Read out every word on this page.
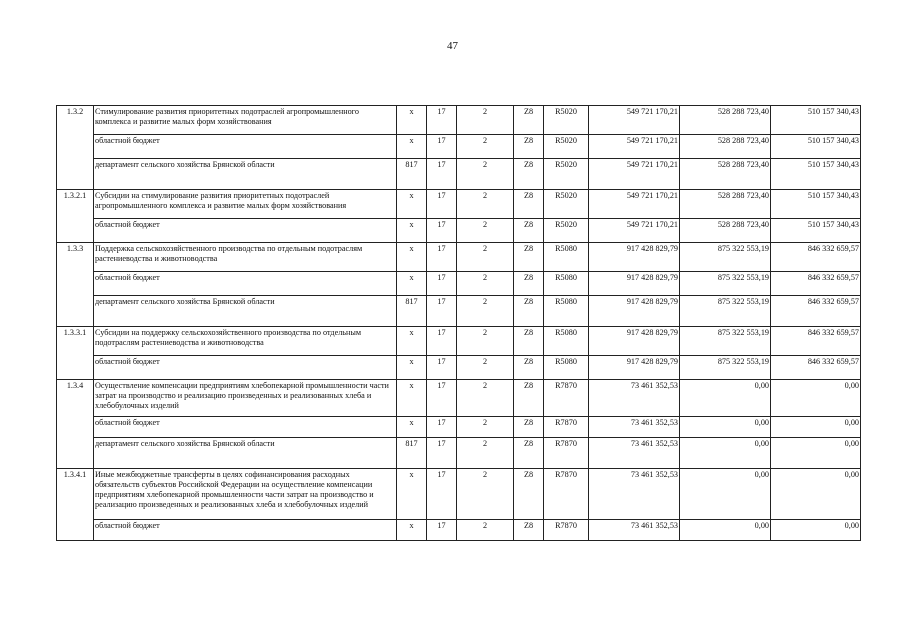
47
1.3.2	Стимулирование развития приоритетных подотраслей агропромышленного комплекса и развитие малых форм хозяйствования	х	17	2	Z8	R5020	549 721 170,21	528 288 723,40	510 157 340,43
	областной бюджет	х	17	2	Z8	R5020	549 721 170,21	528 288 723,40	510 157 340,43
	департамент сельского хозяйства Брянской области	817	17	2	Z8	R5020	549 721 170,21	528 288 723,40	510 157 340,43
1.3.2.1	Субсидии на стимулирование развития приоритетных подотраслей агропромышленного комплекса и развитие малых форм хозяйствования	х	17	2	Z8	R5020	549 721 170,21	528 288 723,40	510 157 340,43
	областной бюджет	х	17	2	Z8	R5020	549 721 170,21	528 288 723,40	510 157 340,43
1.3.3	Поддержка сельскохозяйственного производства по отдельным подотраслям растениеводства и животноводства	х	17	2	Z8	R5080	917 428 829,79	875 322 553,19	846 332 659,57
	областной бюджет	х	17	2	Z8	R5080	917 428 829,79	875 322 553,19	846 332 659,57
	департамент сельского хозяйства Брянской области	817	17	2	Z8	R5080	917 428 829,79	875 322 553,19	846 332 659,57
1.3.3.1	Субсидии на поддержку сельскохозяйственного производства по отдельным подотраслям растениеводства и животноводства	х	17	2	Z8	R5080	917 428 829,79	875 322 553,19	846 332 659,57
	областной бюджет	х	17	2	Z8	R5080	917 428 829,79	875 322 553,19	846 332 659,57
1.3.4	Осуществление компенсации предприятиям хлебопекарной промышленности части затрат на производство и реализацию произведенных и реализованных хлеба и хлебобулочных изделий	х	17	2	Z8	R7870	73 461 352,53	0,00	0,00
	областной бюджет	х	17	2	Z8	R7870	73 461 352,53	0,00	0,00
	департамент сельского хозяйства Брянской области	817	17	2	Z8	R7870	73 461 352,53	0,00	0,00
1.3.4.1	Иные межбюджетные трансферты в целях софинансирования расходных обязательств субъектов Российской Федерации на осуществление компенсации предприятиям хлебопекарной промышленности части затрат на производство и реализацию произведенных и реализованных хлеба и хлебобулочных изделий	х	17	2	Z8	R7870	73 461 352,53	0,00	0,00
	областной бюджет	х	17	2	Z8	R7870	73 461 352,53	0,00	0,00
